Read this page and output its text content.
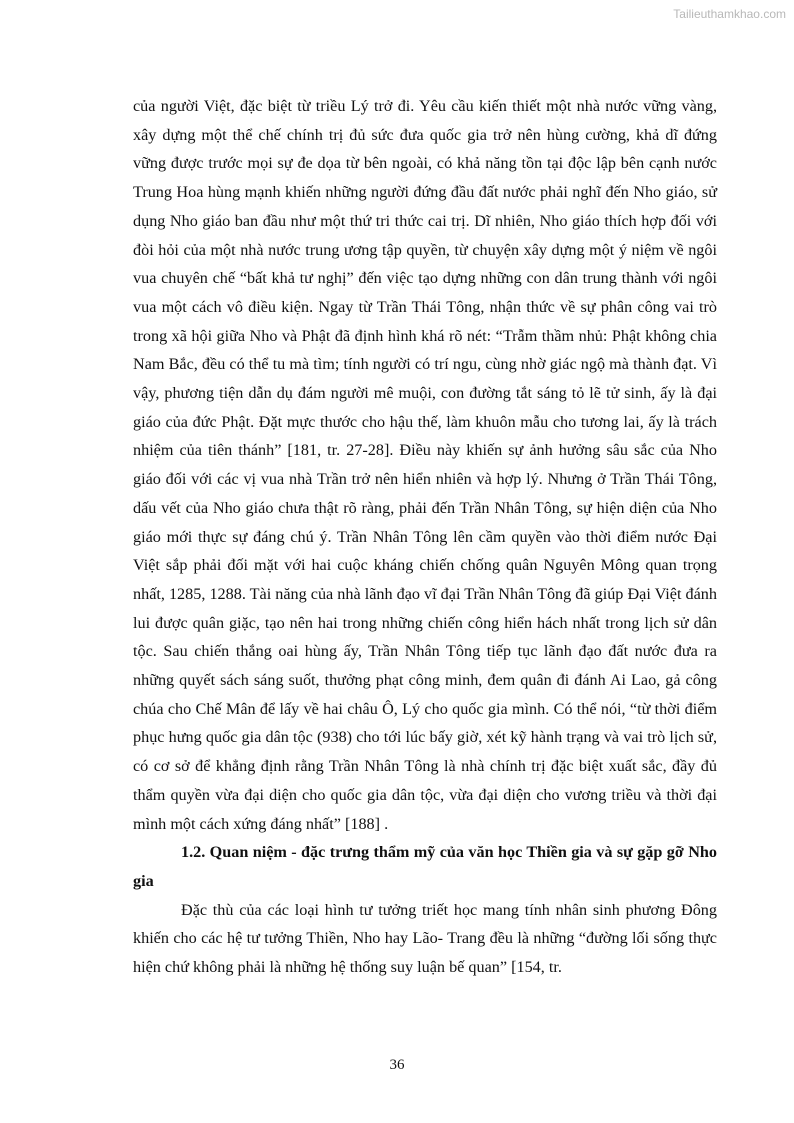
Tailieuthamkhao.com

của người Việt, đặc biệt từ triều Lý trở đi. Yêu cầu kiến thiết một nhà nước vững vàng, xây dựng một thể chế chính trị đủ sức đưa quốc gia trở nên hùng cường, khả dĩ đứng vững được trước mọi sự đe dọa từ bên ngoài, có khả năng tồn tại độc lập bên cạnh nước Trung Hoa hùng mạnh khiến những người đứng đầu đất nước phải nghĩ đến Nho giáo, sử dụng Nho giáo ban đầu như một thứ tri thức cai trị. Dĩ nhiên, Nho giáo thích hợp đối với đòi hỏi của một nhà nước trung ương tập quyền, từ chuyện xây dựng một ý niệm về ngôi vua chuyên chế “bất khả tư nghị” đến việc tạo dựng những con dân trung thành với ngôi vua một cách vô điều kiện. Ngay từ Trần Thái Tông, nhận thức về sự phân công vai trò trong xã hội giữa Nho và Phật đã định hình khá rõ nét: “Trẫm thầm nhủ: Phật không chia Nam Bắc, đều có thể tu mà tìm; tính người có trí ngu, cùng nhờ giác ngộ mà thành đạt. Vì vậy, phương tiện dẫn dụ đám người mê muội, con đường tắt sáng tỏ lẽ tử sinh, ấy là đại giáo của đức Phật. Đặt mực thước cho hậu thế, làm khuôn mẫu cho tương lai, ấy là trách nhiệm của tiên thánh” [181, tr. 27-28]. Điều này khiến sự ảnh hưởng sâu sắc của Nho giáo đối với các vị vua nhà Trần trở nên hiển nhiên và hợp lý. Nhưng ở Trần Thái Tông, dấu vết của Nho giáo chưa thật rõ ràng, phải đến Trần Nhân Tông, sự hiện diện của Nho giáo mới thực sự đáng chú ý. Trần Nhân Tông lên cầm quyền vào thời điểm nước Đại Việt sắp phải đối mặt với hai cuộc kháng chiến chống quân Nguyên Mông quan trọng nhất, 1285, 1288. Tài năng của nhà lãnh đạo vĩ đại Trần Nhân Tông đã giúp Đại Việt đánh lui được quân giặc, tạo nên hai trong những chiến công hiển hách nhất trong lịch sử dân tộc. Sau chiến thắng oai hùng ấy, Trần Nhân Tông tiếp tục lãnh đạo đất nước đưa ra những quyết sách sáng suốt, thưởng phạt công minh, đem quân đi đánh Ai Lao, gả công chúa cho Chế Mân để lấy về hai châu Ô, Lý cho quốc gia mình. Có thể nói, “từ thời điểm phục hưng quốc gia dân tộc (938) cho tới lúc bấy giờ, xét kỹ hành trạng và vai trò lịch sử, có cơ sở để khẳng định rằng Trần Nhân Tông là nhà chính trị đặc biệt xuất sắc, đầy đủ thẩm quyền vừa đại diện cho quốc gia dân tộc, vừa đại diện cho vương triều và thời đại mình một cách xứng đáng nhất” [188] .

1.2. Quan niệm - đặc trưng thẩm mỹ của văn học Thiền gia và sự gặp gỡ Nho gia

Đặc thù của các loại hình tư tưởng triết học mang tính nhân sinh phương Đông khiến cho các hệ tư tưởng Thiền, Nho hay Lão- Trang đều là những “đường lối sống thực hiện chứ không phải là những hệ thống suy luận bế quan” [154, tr.

36
